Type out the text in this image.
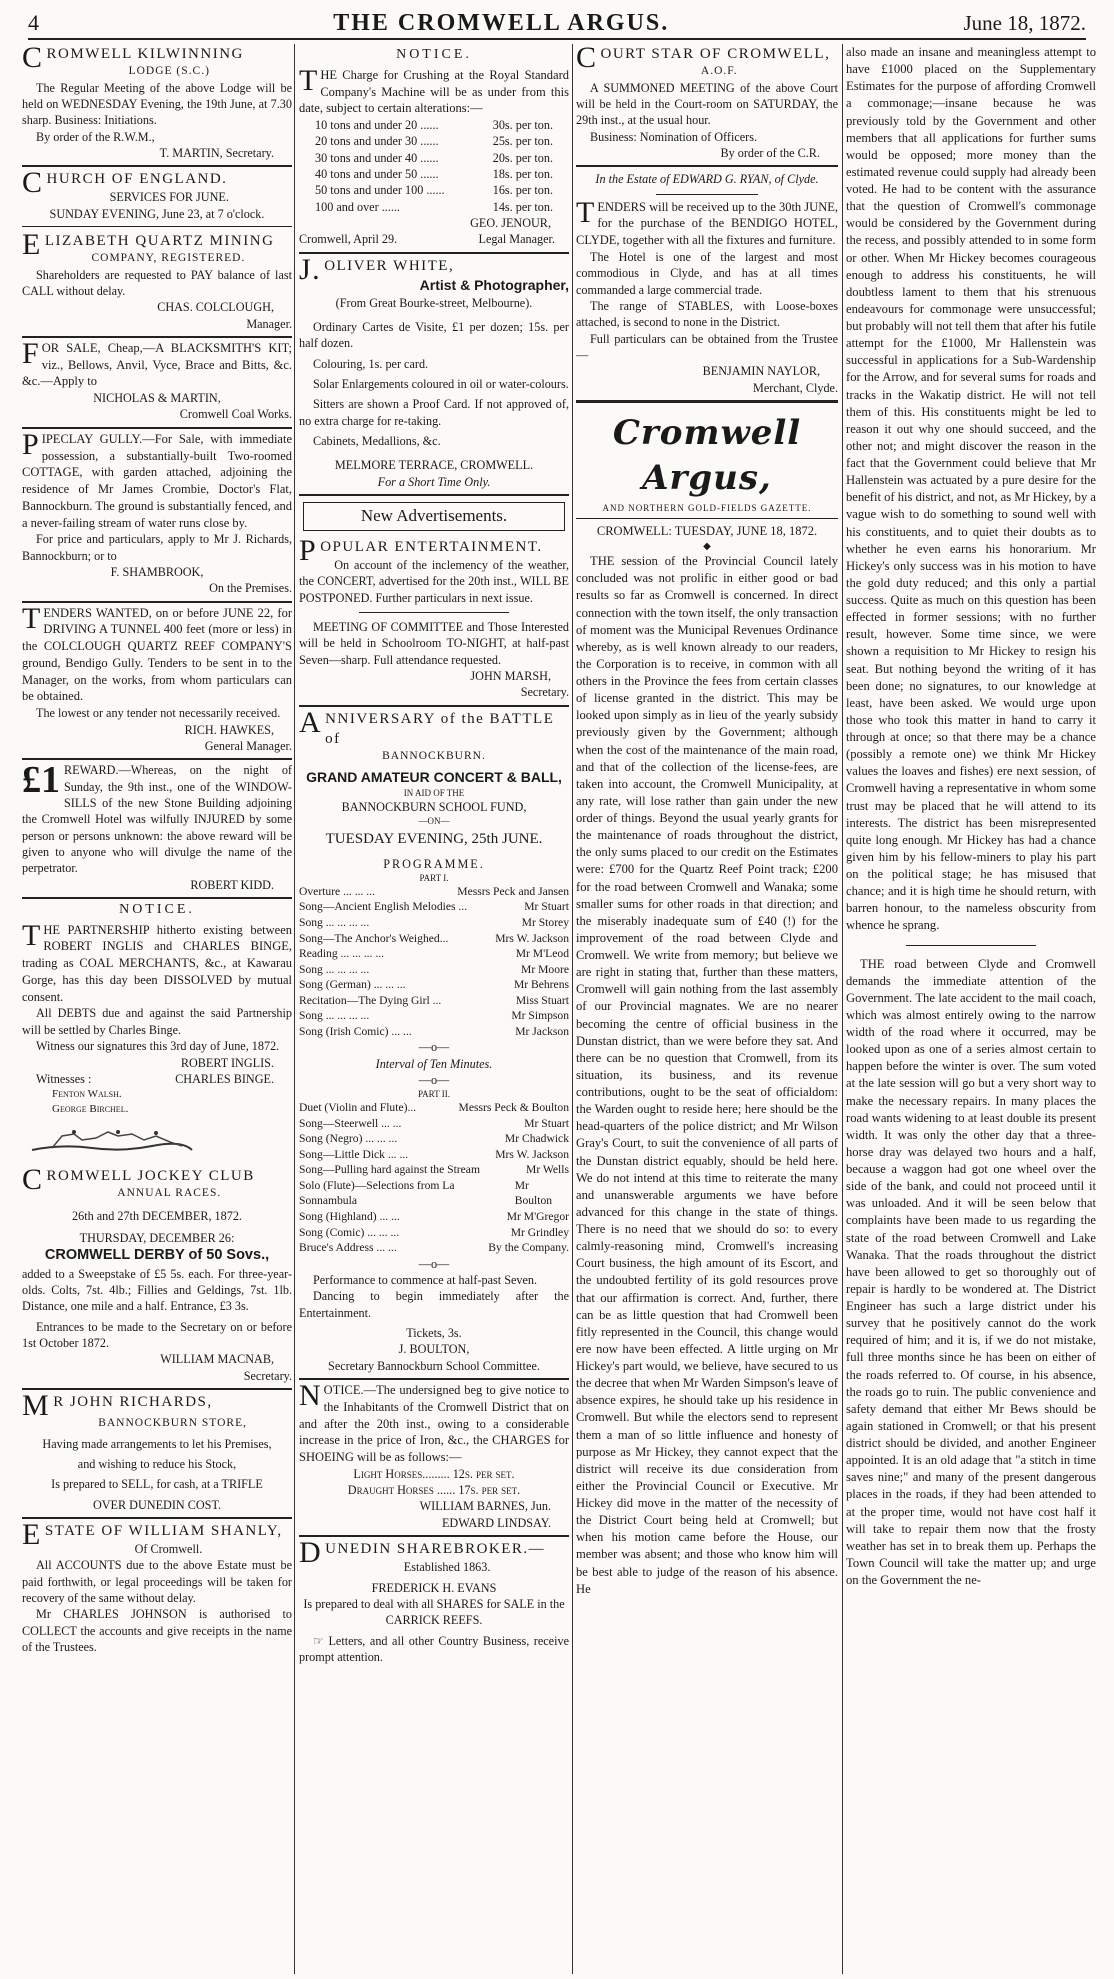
4	THE CROMWELL ARGUS.	June 18, 1872.
CROMWELL KILWINNING
LODGE (S.C.)

The Regular Meeting of the above Lodge will be held on WEDNESDAY Evening, the 19th June, at 7.30 sharp. Business: Initiations.

By order of the R.W.M.,

T. MARTIN, Secretary.
CHURCH OF ENGLAND.
SERVICES FOR JUNE.
SUNDAY EVENING, June 23, at 7 o'clock.
ELIZABETH QUARTZ MINING
COMPANY, REGISTERED.

Shareholders are requested to PAY balance of last CALL without delay.

CHAS. COLCLOUGH,
Manager.

FOR SALE, Cheap,—A BLACKSMITH'S KIT; viz., Bellows, Anvil, Vyce, Brace and Bitts, &c. &c.—Apply to

NICHOLAS & MARTIN,
Cromwell Coal Works.

PIPECLAY GULLY.—For Sale, with immediate possession, a substantially-built Two-roomed COTTAGE, with garden attached, adjoining the residence of Mr James Crombie, Doctor's Flat, Bannockburn. The ground is substantially fenced, and a never-failing stream of water runs close by.

For price and particulars, apply to Mr J. Richards, Bannockburn; or to

F. SHAMBROOK,
On the Premises.

TENDERS WANTED, on or before JUNE 22, for DRIVING A TUNNEL 400 feet (more or less) in the COLCLOUGH QUARTZ REEF COMPANY'S ground, Bendigo Gully. Tenders to be sent in to the Manager, on the works, from whom particulars can be obtained.

The lowest or any tender not necessarily received.

RICH. HAWKES,
General Manager.
£1 REWARD.—Whereas, on the night of Sunday, the 9th inst., one of the WINDOW-SILLS of the new Stone Building adjoining the Cromwell Hotel was wilfully INJURED by some person or persons unknown: the above reward will be given to anyone who will divulge the name of the perpetrator.

ROBERT KIDD.
NOTICE.

THE PARTNERSHIP hitherto existing between ROBERT INGLIS and CHARLES BINGE, trading as COAL MERCHANTS, &c., at Kawarau Gorge, has this day been DISSOLVED by mutual consent.

All DEBTS due and against the said Partnership will be settled by Charles Binge.

Witness our signatures this 3rd day of June, 1872.

ROBERT INGLIS.
Witnesses :	CHARLES BINGE.
Fenton Walsh.
George Birchel.
CROMWELL JOCKEY CLUB
ANNUAL RACES.
26th and 27th DECEMBER, 1872.
THURSDAY, DECEMBER 26:
CROMWELL DERBY of 50 Sovs.,

added to a Sweepstake of £5 5s. each. For three-year-olds. Colts, 7st. 4lb.; Fillies and Geldings, 7st. 1lb. Distance, one mile and a half. Entrance, £3 3s.

Entrances to be made to the Secretary on or before 1st October 1872.

WILLIAM MACNAB,
Secretary.
MR JOHN RICHARDS,
BANNOCKBURN STORE,
Having made arrangements to let his Premises,
and wishing to reduce his Stock,
Is prepared to SELL, for cash, at a TRIFLE
OVER DUNEDIN COST.
ESTATE OF WILLIAM SHANLY,
Of Cromwell.

All ACCOUNTS due to the above Estate must be paid forthwith, or legal proceedings will be taken for recovery of the same without delay.

Mr CHARLES JOHNSON is authorised to COLLECT the accounts and give receipts in the name of the Trustees.

NOTICE.

THE Charge for Crushing at the Royal Standard Company's Machine will be as under from this date, subject to certain alterations:—

10 tons and under 20 ......	30s. per ton.
20 tons and under 30 ......	25s. per ton.
30 tons and under 40 ......	20s. per ton.
40 tons and under 50 ......	18s. per ton.
50 tons and under 100 ......	16s. per ton.
100 and over ......	14s. per ton.
GEO. JENOUR,
Cromwell, April 29.	Legal Manager.
J.OLIVER WHITE,
Artist & Photographer,
(From Great Bourke-street, Melbourne).

Ordinary Cartes de Visite, £1 per dozen; 15s. per half dozen.

Colouring, 1s. per card.

Solar Enlargements coloured in oil or water-colours.

Sitters are shown a Proof Card. If not approved of, no extra charge for re-taking.

Cabinets, Medallions, &c.

MELMORE TERRACE, CROMWELL.
For a Short Time Only.
New Advertisements.
POPULAR ENTERTAINMENT.

On account of the inclemency of the weather, the CONCERT, advertised for the 20th inst., WILL BE POSTPONED. Further particulars in next issue.

MEETING OF COMMITTEE and Those Interested will be held in Schoolroom TO-NIGHT, at half-past Seven—sharp. Full attendance requested.

JOHN MARSH,
Secretary.
ANNIVERSARY of the BATTLE of
BANNOCKBURN.
GRAND AMATEUR CONCERT & BALL,
IN AID OF THE
BANNOCKBURN SCHOOL FUND,
—ON—
TUESDAY EVENING, 25th JUNE.
PROGRAMME.
PART I.
Overture ... ... ...	Messrs Peck and Jansen
Song—Ancient English Melodies ...	Mr Stuart
Song ... ... ... ...	Mr Storey
Song—The Anchor's Weighed...	Mrs W. Jackson
Reading ... ... ... ...	Mr M'Leod
Song ... ... ... ...	Mr Moore
Song (German) ... ... ...	Mr Behrens
Recitation—The Dying Girl ...	Miss Stuart
Song ... ... ... ...	Mr Simpson
Song (Irish Comic) ... ...	Mr Jackson
—o—
Interval of Ten Minutes.
—o—
PART II.
Duet (Violin and Flute)...	Messrs Peck & Boulton
Song—Steerwell ... ...	Mr Stuart
Song (Negro) ... ... ...	Mr Chadwick
Song—Little Dick ... ...	Mrs W. Jackson
Song—Pulling hard against the Stream	Mr Wells
Solo (Flute)—Selections from La Sonnambula
Mr Boulton
Song (Highland) ... ...	Mr M'Gregor
Song (Comic) ... ... ...	Mr Grindley
Bruce's Address ... ...	By the Company.
—o—

Performance to commence at half-past Seven.

Dancing to begin immediately after the Entertainment.

Tickets, 3s.
J. BOULTON,
Secretary Bannockburn School Committee.

NOTICE.—The undersigned beg to give notice to the Inhabitants of the Cromwell District that on and after the 20th inst., owing to a considerable increase in the price of Iron, &c., the CHARGES for SHOEING will be as follows:—

Light Horses......... 12s. per set.
Draught Horses ...... 17s. per set.
WILLIAM BARNES, Jun.
EDWARD LINDSAY.
DUNEDIN SHAREBROKER.—
Established 1863.
FREDERICK H. EVANS

Is prepared to deal with all SHARES for SALE in the CARRICK REEFS.

☞ Letters, and all other Country Business, receive prompt attention.

COURT STAR OF CROMWELL,
A.O.F.

A SUMMONED MEETING of the above Court will be held in the Court-room on SATURDAY, the 29th inst., at the usual hour.

Business: Nomination of Officers.

By order of the C.R.
In the Estate of EDWARD G. RYAN, of Clyde.

TENDERS will be received up to the 30th JUNE, for the purchase of the BENDIGO HOTEL, CLYDE, together with all the fixtures and furniture.

The Hotel is one of the largest and most commodious in Clyde, and has at all times commanded a large commercial trade.

The range of STABLES, with Loose-boxes attached, is second to none in the District.

Full particulars can be obtained from the Trustee—

BENJAMIN NAYLOR,
Merchant, Clyde.
Cromwell Argus,
AND NORTHERN GOLD-FIELDS GAZETTE.
CROMWELL: TUESDAY, JUNE 18, 1872.
◆

THE session of the Provincial Council lately concluded was not prolific in either good or bad results so far as Cromwell is concerned. In direct connection with the town itself, the only transaction of moment was the Municipal Revenues Ordinance whereby, as is well known already to our readers, the Corporation is to receive, in common with all others in the Province the fees from certain classes of license granted in the district. This may be looked upon simply as in lieu of the yearly subsidy previously given by the Government; although when the cost of the maintenance of the main road, and that of the collection of the license-fees, are taken into account, the Cromwell Municipality, at any rate, will lose rather than gain under the new order of things. Beyond the usual yearly grants for the maintenance of roads throughout the district, the only sums placed to our credit on the Estimates were: £700 for the Quartz Reef Point track; £200 for the road between Cromwell and Wanaka; some smaller sums for other roads in that direction; and the miserably inadequate sum of £40 (!) for the improvement of the road between Clyde and Cromwell. We write from memory; but believe we are right in stating that, further than these matters, Cromwell will gain nothing from the last assembly of our Provincial magnates. We are no nearer becoming the centre of official business in the Dunstan district, than we were before they sat. And there can be no question that Cromwell, from its situation, its business, and its revenue contributions, ought to be the seat of officialdom: the Warden ought to reside here; here should be the head-quarters of the police district; and Mr Wilson Gray's Court, to suit the convenience of all parts of the Dunstan district equably, should be held here. We do not intend at this time to reiterate the many and unanswerable arguments we have before advanced for this change in the state of things. There is no need that we should do so: to every calmly-reasoning mind, Cromwell's increasing Court business, the high amount of its Escort, and the undoubted fertility of its gold resources prove that our affirmation is correct. And, further, there can be as little question that had Cromwell been fitly represented in the Council, this change would ere now have been effected. A little urging on Mr Hickey's part would, we believe, have secured to us the decree that when Mr Warden Simpson's leave of absence expires, he should take up his residence in Cromwell. But while the electors send to represent them a man of so little influence and honesty of purpose as Mr Hickey, they cannot expect that the district will receive its due consideration from either the Provincial Council or Executive. Mr Hickey did move in the matter of the necessity of the District Court being held at Cromwell; but when his motion came before the House, our member was absent; and those who know him will be best able to judge of the reason of his absence. He

also made an insane and meaningless attempt to have £1000 placed on the Supplementary Estimates for the purpose of affording Cromwell a commonage;—insane because he was previously told by the Government and other members that all applications for further sums would be opposed; more money than the estimated revenue could supply had already been voted. He had to be content with the assurance that the question of Cromwell's commonage would be considered by the Government during the recess, and possibly attended to in some form or other. When Mr Hickey becomes courageous enough to address his constituents, he will doubtless lament to them that his strenuous endeavours for commonage were unsuccessful; but probably will not tell them that after his futile attempt for the £1000, Mr Hallenstein was successful in applications for a Sub-Wardenship for the Arrow, and for several sums for roads and tracks in the Wakatip district. He will not tell them of this. His constituents might be led to reason it out why one should succeed, and the other not; and might discover the reason in the fact that the Government could believe that Mr Hallenstein was actuated by a pure desire for the benefit of his district, and not, as Mr Hickey, by a vague wish to do something to sound well with his constituents, and to quiet their doubts as to whether he even earns his honorarium. Mr Hickey's only success was in his motion to have the gold duty reduced; and this only a partial success. Quite as much on this question has been effected in former sessions; with no further result, however. Some time since, we were shown a requisition to Mr Hickey to resign his seat. But nothing beyond the writing of it has been done; no signatures, to our knowledge at least, have been asked. We would urge upon those who took this matter in hand to carry it through at once; so that there may be a chance (possibly a remote one) we think Mr Hickey values the loaves and fishes) ere next session, of Cromwell having a representative in whom some trust may be placed that he will attend to its interests. The district has been misrepresented quite long enough. Mr Hickey has had a chance given him by his fellow-miners to play his part on the political stage; he has misused that chance; and it is high time he should return, with barren honour, to the nameless obscurity from whence he sprang.

THE road between Clyde and Cromwell demands the immediate attention of the Government. The late accident to the mail coach, which was almost entirely owing to the narrow width of the road where it occurred, may be looked upon as one of a series almost certain to happen before the winter is over. The sum voted at the late session will go but a very short way to make the necessary repairs. In many places the road wants widening to at least double its present width. It was only the other day that a three-horse dray was delayed two hours and a half, because a waggon had got one wheel over the side of the bank, and could not proceed until it was unloaded. And it will be seen below that complaints have been made to us regarding the state of the road between Cromwell and Lake Wanaka. That the roads throughout the district have been allowed to get so thoroughly out of repair is hardly to be wondered at. The District Engineer has such a large district under his survey that he positively cannot do the work required of him; and it is, if we do not mistake, full three months since he has been on either of the roads referred to. Of course, in his absence, the roads go to ruin. The public convenience and safety demand that either Mr Bews should be again stationed in Cromwell; or that his present district should be divided, and another Engineer appointed. It is an old adage that "a stitch in time saves nine;" and many of the present dangerous places in the roads, if they had been attended to at the proper time, would not have cost half it will take to repair them now that the frosty weather has set in to break them up. Perhaps the Town Council will take the matter up; and urge on the Government the ne-
